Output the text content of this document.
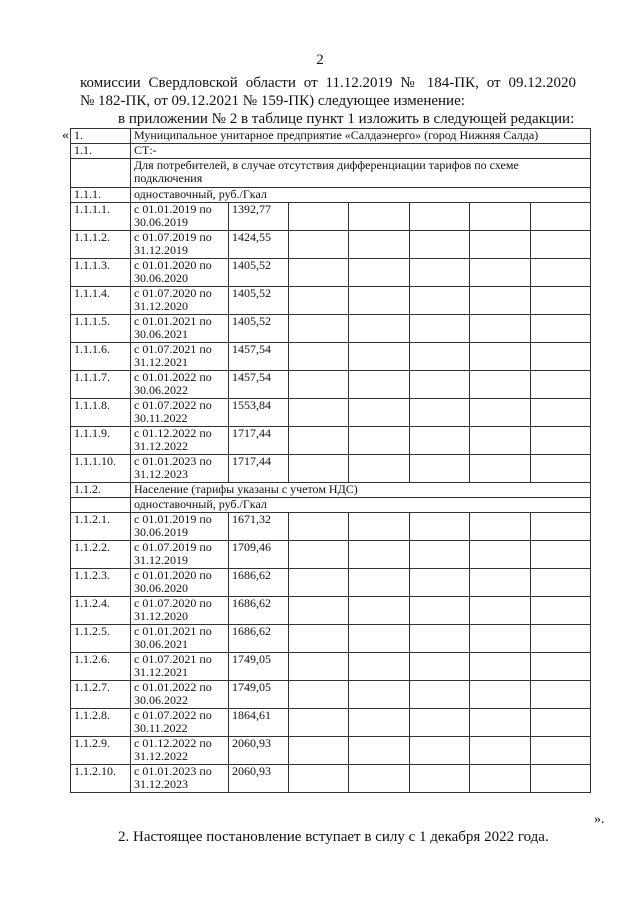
2
комиссии Свердловской области от 11.12.2019 № 184-ПК, от 09.12.2020
№ 182-ПК, от 09.12.2021 № 159-ПК) следующее изменение:
в приложении № 2 в таблице пункт 1 изложить в следующей редакции:
« 1.	Муниципальное унитарное предприятие «Салдаэнерго» (город Нижняя Салда)						
1.1.	СТ:-						
	Для потребителей, в случае отсутствия дифференциации тарифов по схеме подключения						
1.1.1.	одноставочный, руб./Гкал						
1.1.1.1.	с 01.01.2019 по 30.06.2019	1392,77					
1.1.1.2.	с 01.07.2019 по 31.12.2019	1424,55					
1.1.1.3.	с 01.01.2020 по 30.06.2020	1405,52					
1.1.1.4.	с 01.07.2020 по 31.12.2020	1405,52					
1.1.1.5.	с 01.01.2021 по 30.06.2021	1405,52					
1.1.1.6.	с 01.07.2021 по 31.12.2021	1457,54					
1.1.1.7.	с 01.01.2022 по 30.06.2022	1457,54					
1.1.1.8.	с 01.07.2022 по 30.11.2022	1553,84					
1.1.1.9.	с 01.12.2022 по 31.12.2022	1717,44					
1.1.1.10.	с 01.01.2023 по 31.12.2023	1717,44					
1.1.2.	Население (тарифы указаны с учетом НДС)						
	одноставочный, руб./Гкал						
1.1.2.1.	с 01.01.2019 по 30.06.2019	1671,32					
1.1.2.2.	с 01.07.2019 по 31.12.2019	1709,46					
1.1.2.3.	с 01.01.2020 по 30.06.2020	1686,62					
1.1.2.4.	с 01.07.2020 по 31.12.2020	1686,62					
1.1.2.5.	с 01.01.2021 по 30.06.2021	1686,62					
1.1.2.6.	с 01.07.2021 по 31.12.2021	1749,05					
1.1.2.7.	с 01.01.2022 по 30.06.2022	1749,05					
1.1.2.8.	с 01.07.2022 по 30.11.2022	1864,61					
1.1.2.9.	с 01.12.2022 по 31.12.2022	2060,93					
1.1.2.10.	с 01.01.2023 по 31.12.2023	2060,93					
».
2. Настоящее постановление вступает в силу с 1 декабря 2022 года.
